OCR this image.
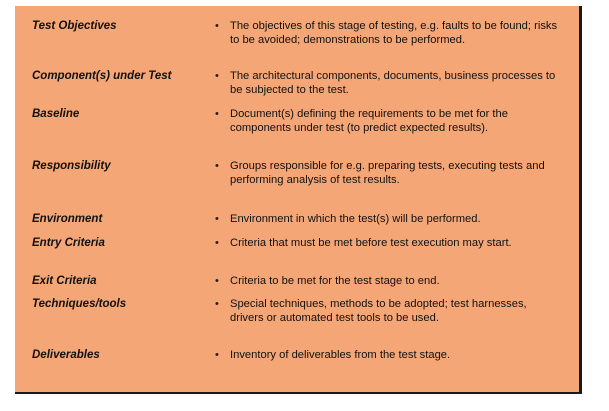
Test Objectives	• The objectives of this stage of testing, e.g. faults to be found; risks to be avoided; demonstrations to be performed.
Component(s) under Test	• The architectural components, documents, business processes to be subjected to the test.
Baseline	• Document(s) defining the requirements to be met for the components under test (to predict expected results).
Responsibility	• Groups responsible for e.g. preparing tests, executing tests and performing analysis of test results.
Environment	• Environment in which the test(s) will be performed.
Entry Criteria	• Criteria that must be met before test execution may start.
Exit Criteria	• Criteria to be met for the test stage to end.
Techniques/tools	• Special techniques, methods to be adopted; test harnesses, drivers or automated test tools to be used.
Deliverables	• Inventory of deliverables from the test stage.
